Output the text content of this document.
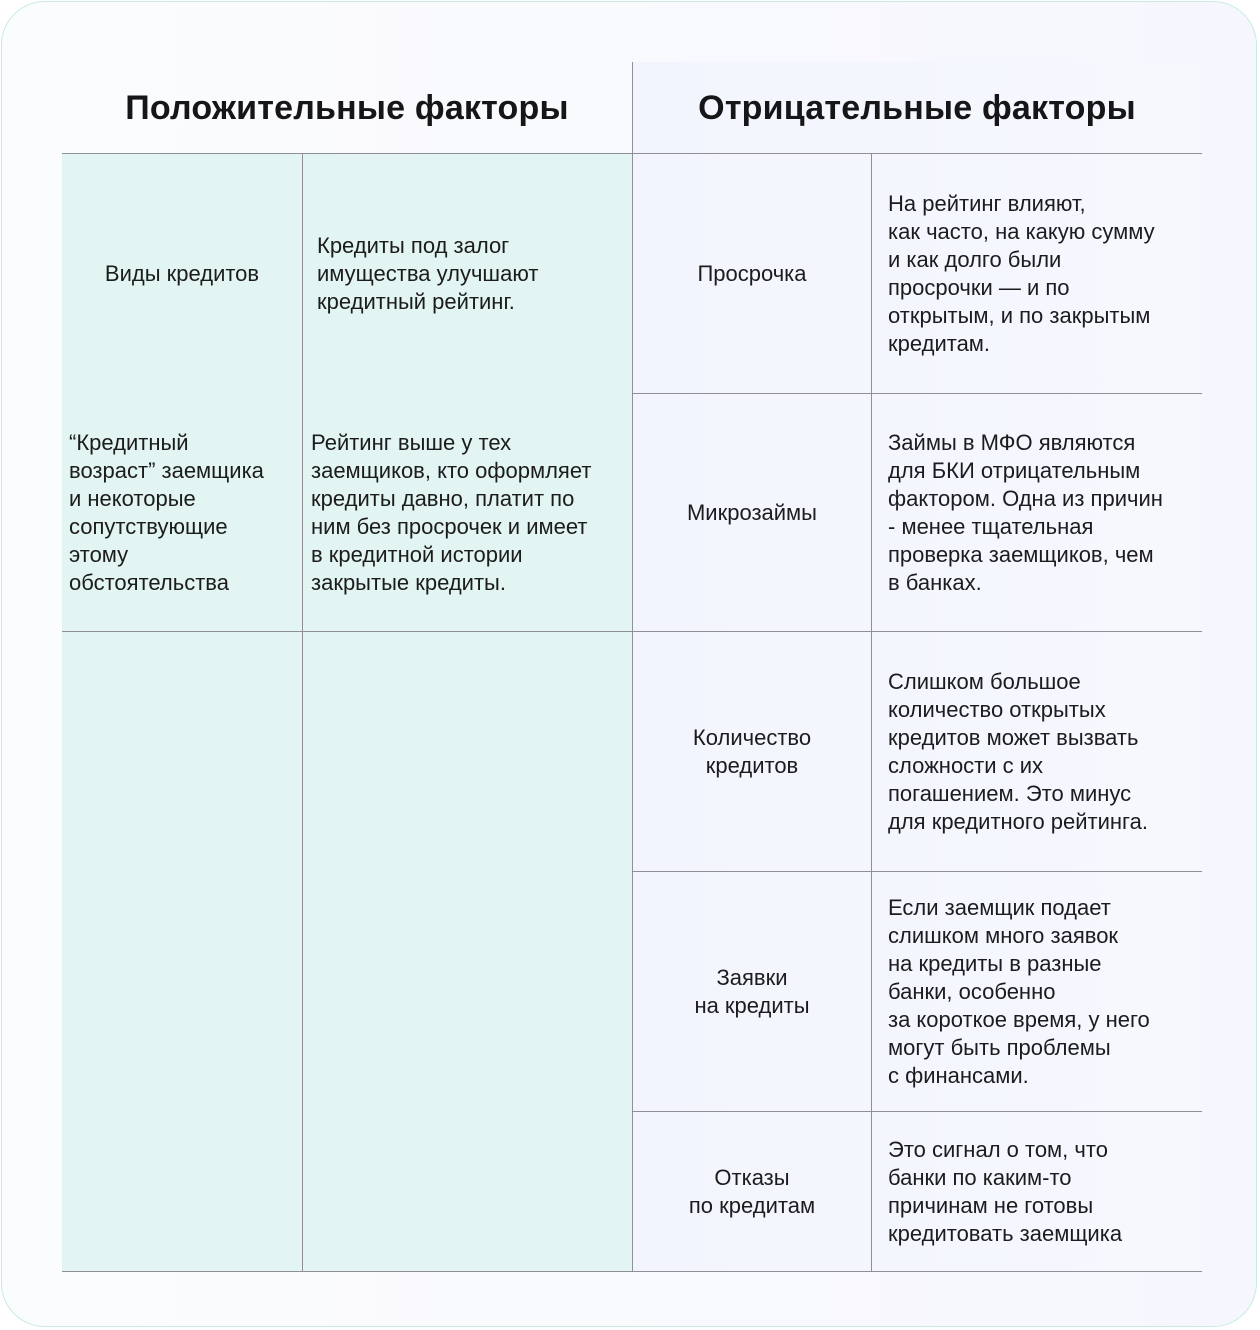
Положительные факторы	Отрицательные факторы
Виды кредитов
Кредиты под залог
имущества улучшают
кредитный рейтинг.
“Кредитный
возраст” заемщика
и некоторые
сопутствующие
этому
обстоятельства
Рейтинг выше у тех
заемщиков, кто оформляет
кредиты давно, платит по
ним без просрочек и имеет
в кредитной истории
закрытые кредиты.
Просрочка
На рейтинг влияют,
как часто, на какую сумму
и как долго были
просрочки — и по
открытым, и по закрытым
кредитам.
Микрозаймы
Займы в МФО являются
для БКИ отрицательным
фактором. Одна из причин
- менее тщательная
проверка заемщиков, чем
в банках.
Количество
кредитов
Слишком большое
количество открытых
кредитов может вызвать
сложности с их
погашением. Это минус
для кредитного рейтинга.
Заявки
на кредиты
Если заемщик подает
слишком много заявок
на кредиты в разные
банки, особенно
за короткое время, у него
могут быть проблемы
с финансами.
Отказы
по кредитам
Это сигнал о том, что
банки по каким-то
причинам не готовы
кредитовать заемщика
